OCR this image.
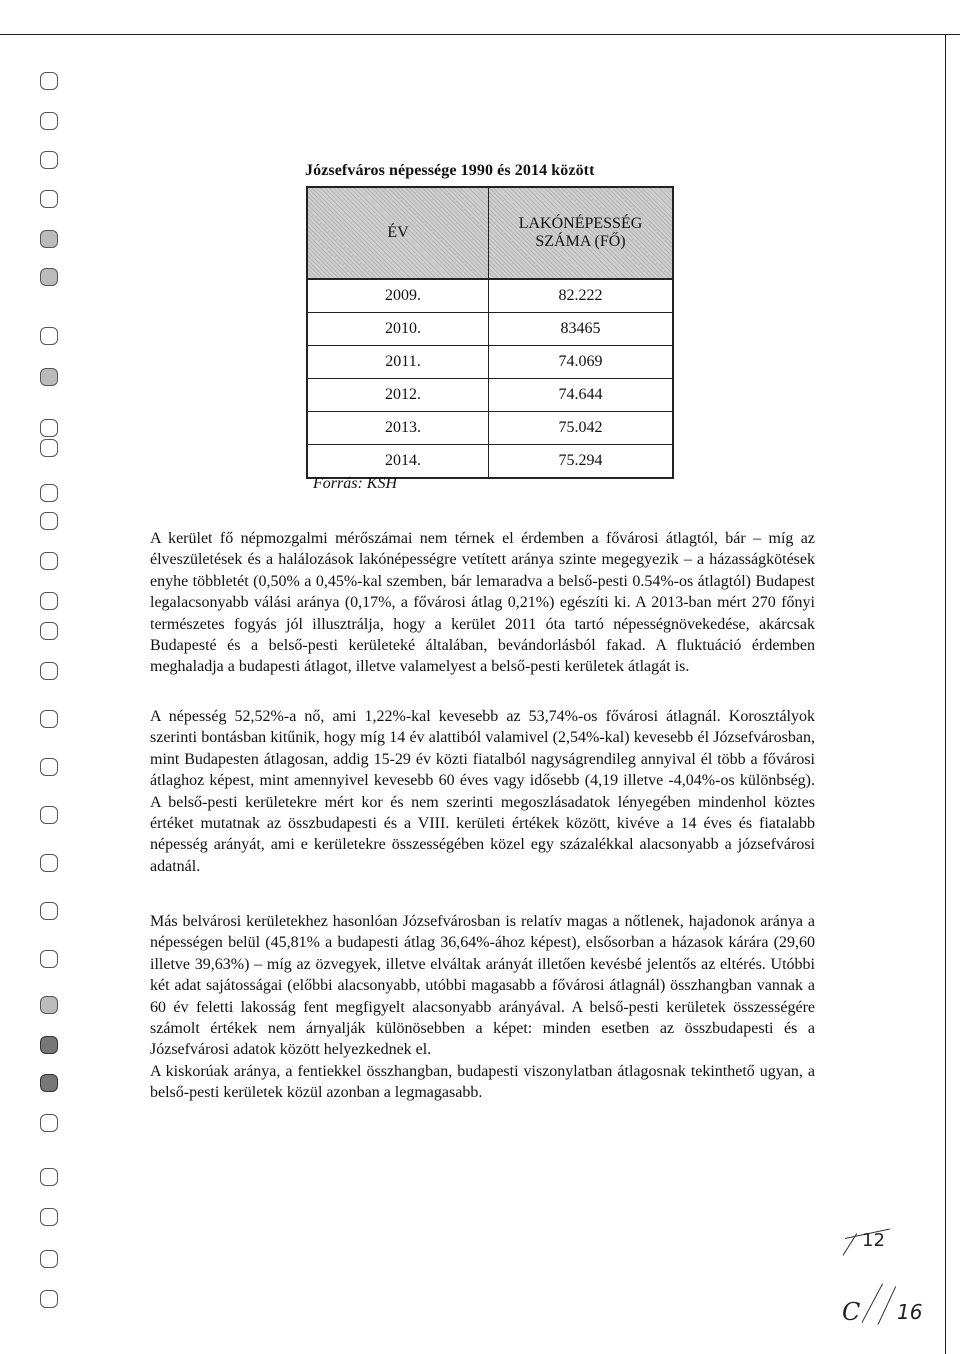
Józsefváros népessége 1990 és 2014 között
ÉV	LAKÓNÉPESSÉG SZÁMA (FŐ)
2009.	82.222
2010.	83465
2011.	74.069
2012.	74.644
2013.	75.042
2014.	75.294
Forrás: KSH

A kerület fő népmozgalmi mérőszámai nem térnek el érdemben a fővárosi átlagtól, bár – míg az élveszületések és a halálozások lakónépességre vetített aránya szinte megegyezik – a házasságkötések enyhe többletét (0,50% a 0,45%-kal szemben, bár lemaradva a belső-pesti 0.54%-os átlagtól) Budapest legalacsonyabb válási aránya (0,17%, a fővárosi átlag 0,21%) egészíti ki. A 2013-ban mért 270 főnyi természetes fogyás jól illusztrálja, hogy a kerület 2011 óta tartó népességnövekedése, akárcsak Budapesté és a belső-pesti kerületeké általában, bevándorlásból fakad. A fluktuáció érdemben meghaladja a budapesti átlagot, illetve valamelyest a belső-pesti kerületek átlagát is.

A népesség 52,52%-a nő, ami 1,22%-kal kevesebb az 53,74%-os fővárosi átlagnál. Korosztályok szerinti bontásban kitűnik, hogy míg 14 év alattiból valamivel (2,54%-kal) kevesebb él Józsefvárosban, mint Budapesten átlagosan, addig 15-29 év közti fiatalból nagyságrendileg annyival él több a fővárosi átlaghoz képest, mint amennyivel kevesebb 60 éves vagy idősebb (4,19 illetve -4,04%-os különbség). A belső-pesti kerületekre mért kor és nem szerinti megoszlásadatok lényegében mindenhol köztes értéket mutatnak az összbudapesti és a VIII. kerületi értékek között, kivéve a 14 éves és fiatalabb népesség arányát, ami e kerületekre összességében közel egy százalékkal alacsonyabb a józsefvárosi adatnál.

Más belvárosi kerületekhez hasonlóan Józsefvárosban is relatív magas a nőtlenek, hajadonok aránya a népességen belül (45,81% a budapesti átlag 36,64%-ához képest), elsősorban a házasok kárára (29,60 illetve 39,63%) – míg az özvegyek, illetve elváltak arányát illetően kevésbé jelentős az eltérés. Utóbbi két adat sajátosságai (előbbi alacsonyabb, utóbbi magasabb a fővárosi átlagnál) összhangban vannak a 60 év feletti lakosság fent megfigyelt alacsonyabb arányával. A belső-pesti kerületek összességére számolt értékek nem árnyalják különösebben a képet: minden esetben az összbudapesti és a Józsefvárosi adatok között helyezkednek el.

A kiskorúak aránya, a fentiekkel összhangban, budapesti viszonylatban átlagosnak tekinthető ugyan, a belső-pesti kerületek közül azonban a legmagasabb.

12
C 16
